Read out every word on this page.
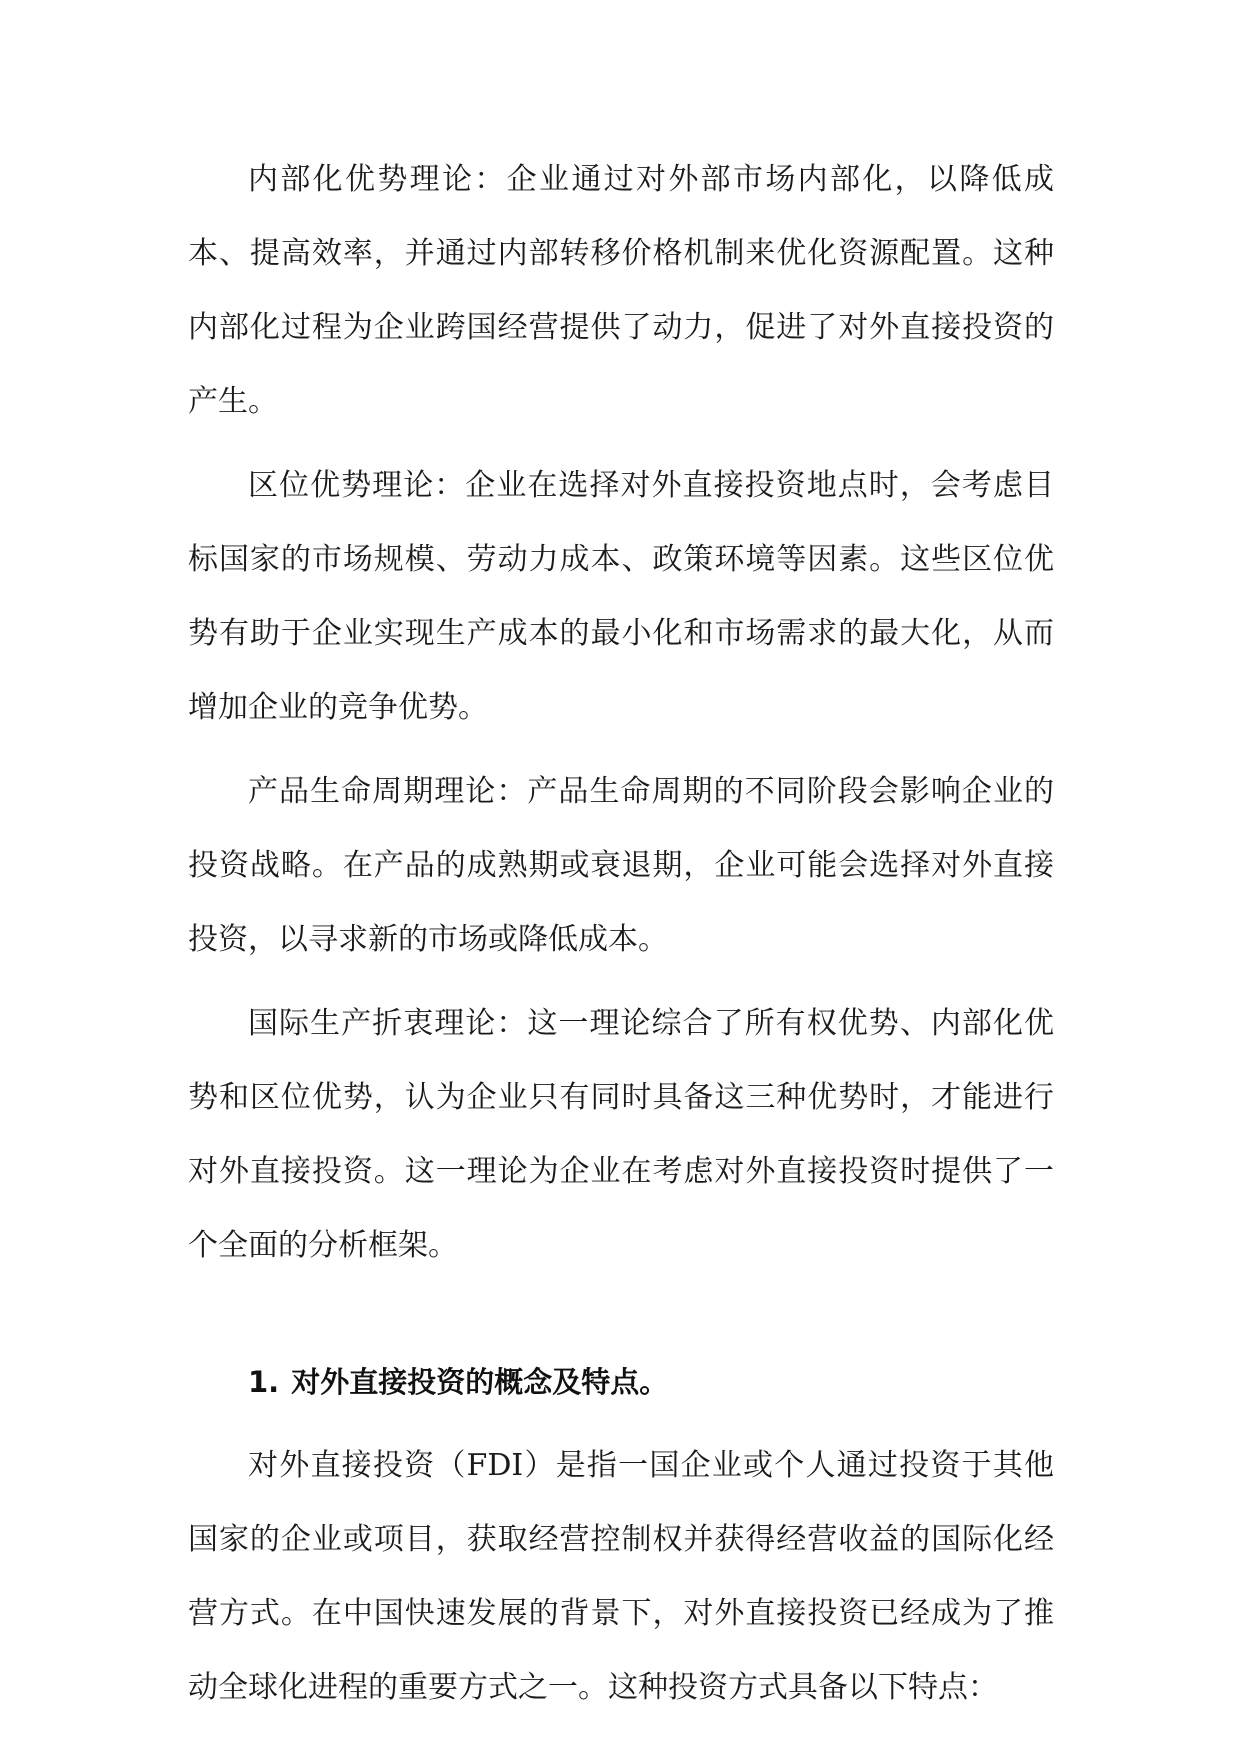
内部化优势理论：企业通过对外部市场内部化，以降低成本、提高效率，并通过内部转移价格机制来优化资源配置。这种内部化过程为企业跨国经营提供了动力，促进了对外直接投资的产生。

区位优势理论：企业在选择对外直接投资地点时，会考虑目标国家的市场规模、劳动力成本、政策环境等因素。这些区位优势有助于企业实现生产成本的最小化和市场需求的最大化，从而增加企业的竞争优势。

产品生命周期理论：产品生命周期的不同阶段会影响企业的投资战略。在产品的成熟期或衰退期，企业可能会选择对外直接投资，以寻求新的市场或降低成本。

国际生产折衷理论：这一理论综合了所有权优势、内部化优势和区位优势，认为企业只有同时具备这三种优势时，才能进行对外直接投资。这一理论为企业在考虑对外直接投资时提供了一个全面的分析框架。

1. 对外直接投资的概念及特点。

对外直接投资（FDI）是指一国企业或个人通过投资于其他国家的企业或项目，获取经营控制权并获得经营收益的国际化经营方式。在中国快速发展的背景下，对外直接投资已经成为了推动全球化进程的重要方式之一。这种投资方式具备以下特点：
